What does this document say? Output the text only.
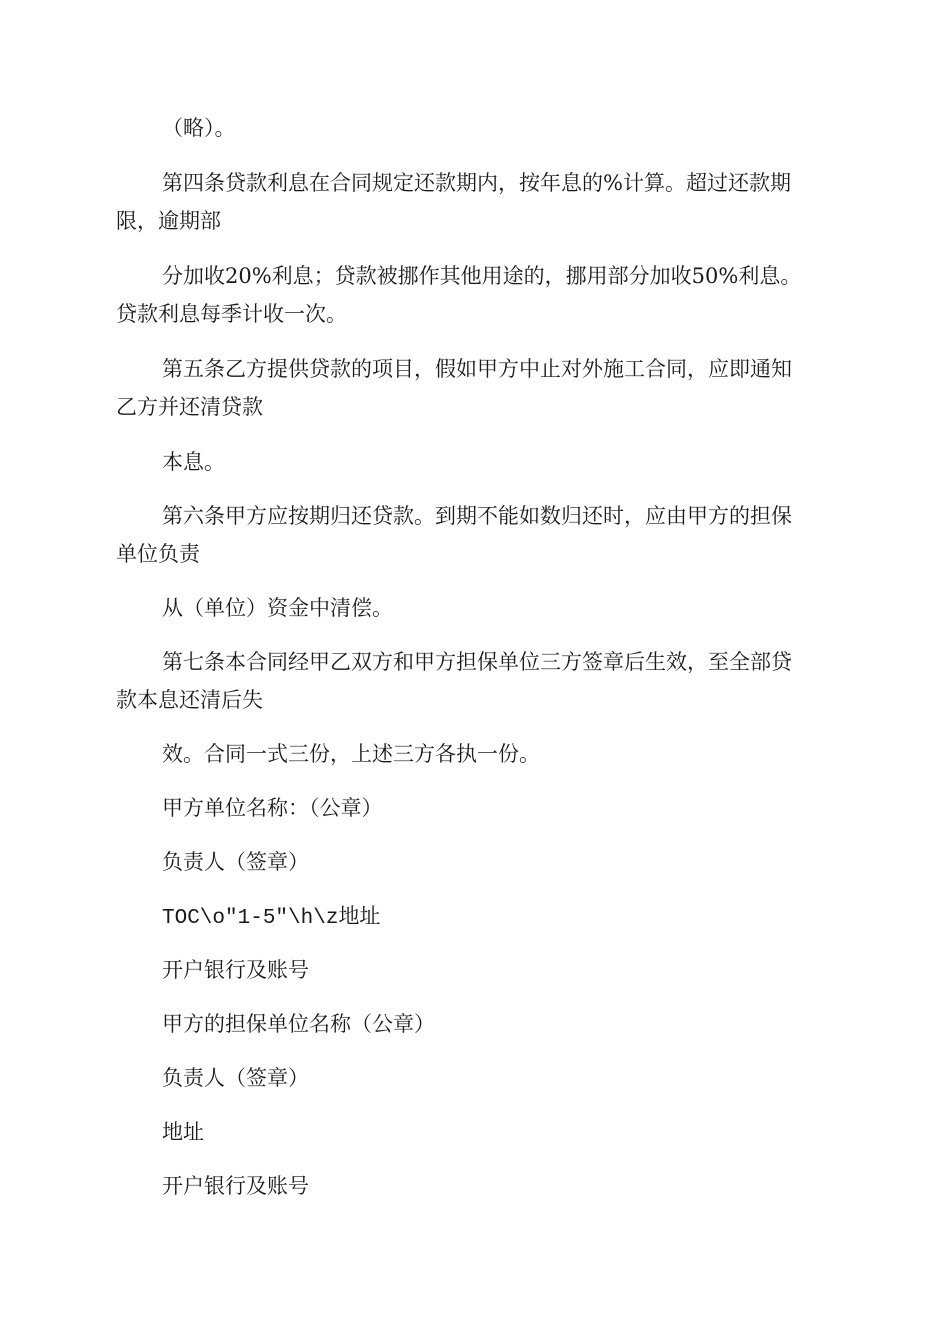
（略）。
第四条贷款利息在合同规定还款期内，按年息的%计算。超过还款期
限，逾期部
分加收20%利息；贷款被挪作其他用途的，挪用部分加收50%利息。
贷款利息每季计收一次。
第五条乙方提供贷款的项目，假如甲方中止对外施工合同，应即通知
乙方并还清贷款
本息。
第六条甲方应按期归还贷款。到期不能如数归还时，应由甲方的担保
单位负责
从（单位）资金中清偿。
第七条本合同经甲乙双方和甲方担保单位三方签章后生效，至全部贷
款本息还清后失
效。合同一式三份，上述三方各执一份。
甲方单位名称：（公章）
负责人（签章）
TOC\o"1-5"\h\z地址
开户银行及账号
甲方的担保单位名称（公章）
负责人（签章）
地址
开户银行及账号
